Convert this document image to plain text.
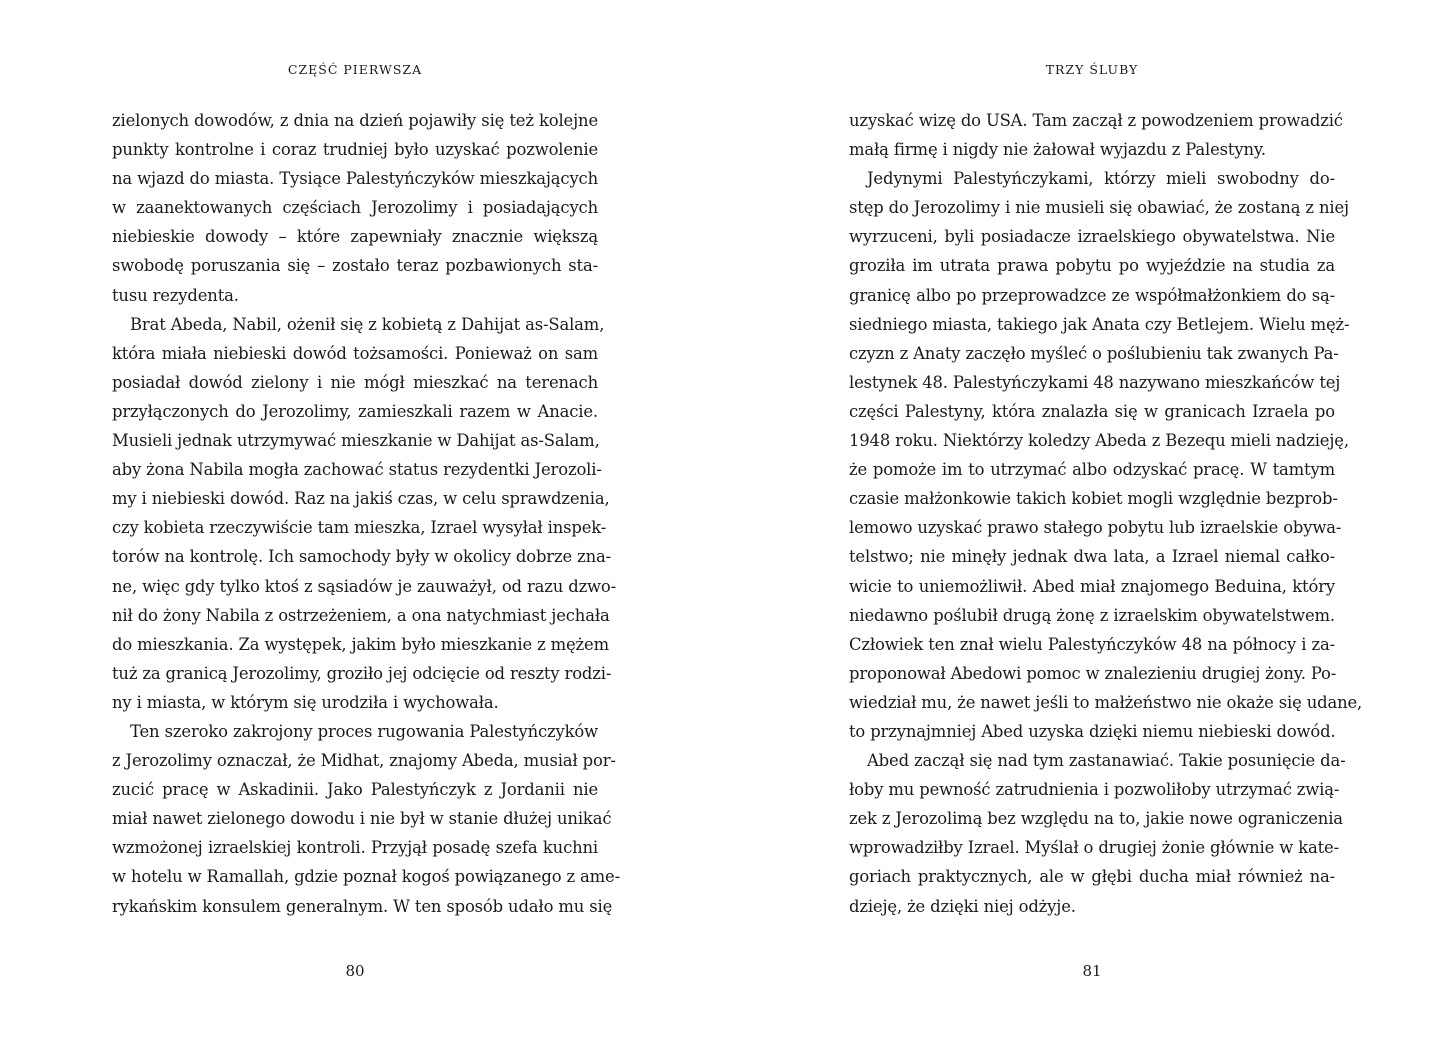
CZĘŚĆ PIERWSZA
zielonych dowodów, z dnia na dzień pojawiły się też kolejne
punkty kontrolne i coraz trudniej było uzyskać pozwolenie
na wjazd do miasta. Tysiące Palestyńczyków mieszkających
w zaanektowanych częściach Jerozolimy i posiadających
niebieskie dowody – które zapewniały znacznie większą
swobodę poruszania się – zostało teraz pozbawionych sta-
tusu rezydenta.
Brat Abeda, Nabil, ożenił się z kobietą z Dahijat as-Salam,
która miała niebieski dowód tożsamości. Ponieważ on sam
posiadał dowód zielony i nie mógł mieszkać na terenach
przyłączonych do Jerozolimy, zamieszkali razem w Anacie.
Musieli jednak utrzymywać mieszkanie w Dahijat as-Salam,
aby żona Nabila mogła zachować status rezydentki Jerozoli-
my i niebieski dowód. Raz na jakiś czas, w celu sprawdzenia,
czy kobieta rzeczywiście tam mieszka, Izrael wysyłał inspek-
torów na kontrolę. Ich samochody były w okolicy dobrze zna-
ne, więc gdy tylko ktoś z sąsiadów je zauważył, od razu dzwo-
nił do żony Nabila z ostrzeżeniem, a ona natychmiast jechała
do mieszkania. Za występek, jakim było mieszkanie z mężem
tuż za granicą Jerozolimy, groziło jej odcięcie od reszty rodzi-
ny i miasta, w którym się urodziła i wychowała.
Ten szeroko zakrojony proces rugowania Palestyńczyków
z Jerozolimy oznaczał, że Midhat, znajomy Abeda, musiał por-
zucić pracę w Askadinii. Jako Palestyńczyk z Jordanii nie
miał nawet zielonego dowodu i nie był w stanie dłużej unikać
wzmożonej izraelskiej kontroli. Przyjął posadę szefa kuchni
w hotelu w Ramallah, gdzie poznał kogoś powiązanego z ame-
rykańskim konsulem generalnym. W ten sposób udało mu się
80
TRZY ŚLUBY
uzyskać wizę do USA. Tam zaczął z powodzeniem prowadzić
małą firmę i nigdy nie żałował wyjazdu z Palestyny.
Jedynymi Palestyńczykami, którzy mieli swobodny do-
stęp do Jerozolimy i nie musieli się obawiać, że zostaną z niej
wyrzuceni, byli posiadacze izraelskiego obywatelstwa. Nie
groziła im utrata prawa pobytu po wyjeździe na studia za
granicę albo po przeprowadzce ze współmałżonkiem do są-
siedniego miasta, takiego jak Anata czy Betlejem. Wielu męż-
czyzn z Anaty zaczęło myśleć o poślubieniu tak zwanych Pa-
lestynek 48. Palestyńczykami 48 nazywano mieszkańców tej
części Palestyny, która znalazła się w granicach Izraela po
1948 roku. Niektórzy koledzy Abeda z Bezequ mieli nadzieję,
że pomoże im to utrzymać albo odzyskać pracę. W tamtym
czasie małżonkowie takich kobiet mogli względnie bezprob-
lemowo uzyskać prawo stałego pobytu lub izraelskie obywa-
telstwo; nie minęły jednak dwa lata, a Izrael niemal całko-
wicie to uniemożliwił. Abed miał znajomego Beduina, który
niedawno poślubił drugą żonę z izraelskim obywatelstwem.
Człowiek ten znał wielu Palestyńczyków 48 na północy i za-
proponował Abedowi pomoc w znalezieniu drugiej żony. Po-
wiedział mu, że nawet jeśli to małżeństwo nie okaże się udane,
to przynajmniej Abed uzyska dzięki niemu niebieski dowód.
Abed zaczął się nad tym zastanawiać. Takie posunięcie da-
łoby mu pewność zatrudnienia i pozwoliłoby utrzymać zwią-
zek z Jerozolimą bez względu na to, jakie nowe ograniczenia
wprowadziłby Izrael. Myślał o drugiej żonie głównie w kate-
goriach praktycznych, ale w głębi ducha miał również na-
dzieję, że dzięki niej odżyje.
81
